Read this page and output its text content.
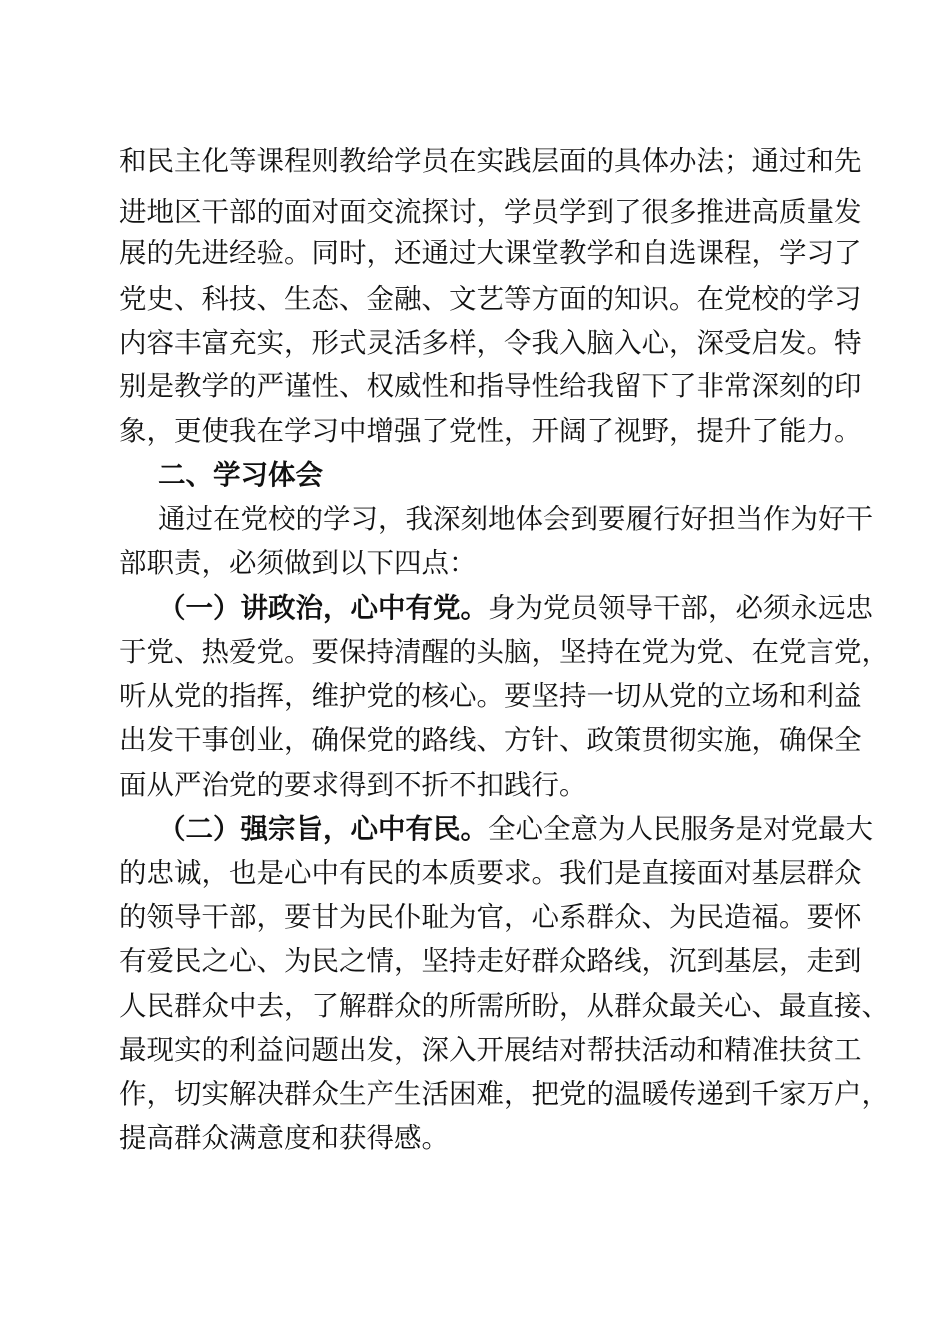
和民主化等课程则教给学员在实践层面的具体办法；通过和先
进地区干部的面对面交流探讨，学员学到了很多推进高质量发
展的先进经验。同时，还通过大课堂教学和自选课程，学习了
党史、科技、生态、金融、文艺等方面的知识。在党校的学习
内容丰富充实，形式灵活多样，令我入脑入心，深受启发。特
别是教学的严谨性、权威性和指导性给我留下了非常深刻的印
象，更使我在学习中增强了党性，开阔了视野，提升了能力。
二、学习体会
通过在党校的学习，我深刻地体会到要履行好担当作为好干
部职责，必须做到以下四点：
（一）讲政治，心中有党。身为党员领导干部，必须永远忠
于党、热爱党。要保持清醒的头脑，坚持在党为党、在党言党，
听从党的指挥，维护党的核心。要坚持一切从党的立场和利益
出发干事创业，确保党的路线、方针、政策贯彻实施，确保全
面从严治党的要求得到不折不扣践行。
（二）强宗旨，心中有民。全心全意为人民服务是对党最大
的忠诚，也是心中有民的本质要求。我们是直接面对基层群众
的领导干部，要甘为民仆耻为官，心系群众、为民造福。要怀
有爱民之心、为民之情，坚持走好群众路线，沉到基层，走到
人民群众中去，了解群众的所需所盼，从群众最关心、最直接、
最现实的利益问题出发，深入开展结对帮扶活动和精准扶贫工
作，切实解决群众生产生活困难，把党的温暖传递到千家万户，
提高群众满意度和获得感。
